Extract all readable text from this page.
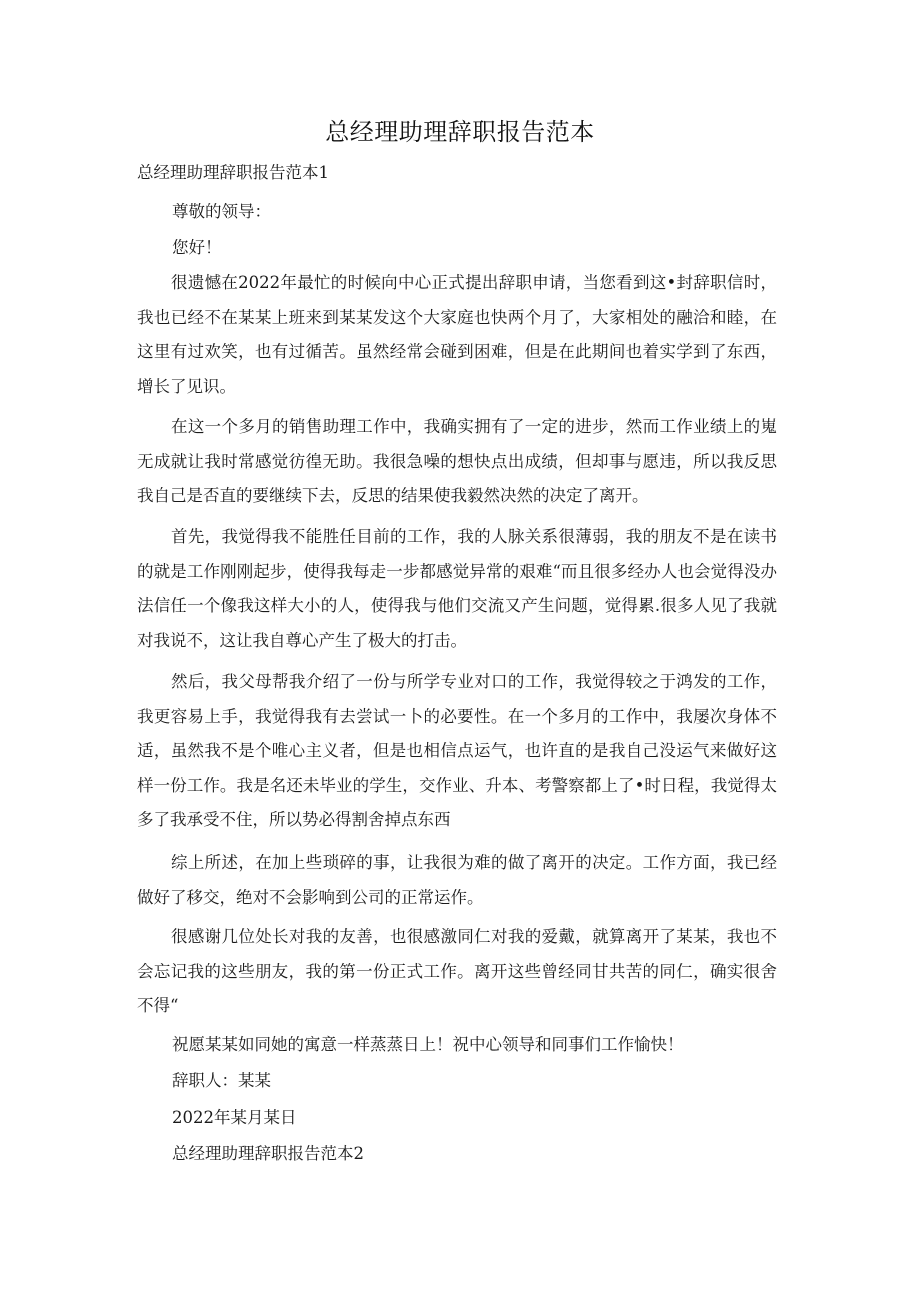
总经理助理辞职报告范本
总经理助理辞职报告范本1
尊敬的领导：
您好！

很遗憾在2022年最忙的时候向中心正式提出辞职申请，当您看到这•封辞职信时，我也已经不在某某上班来到某某发这个大家庭也快两个月了，大家相处的融洽和睦，在这里有过欢笑，也有过循苦。虽然经常会碰到困难，但是在此期间也着实学到了东西，增长了见识。

在这一个多月的销售助理工作中，我确实拥有了一定的进步，然而工作业绩上的嵬无成就让我时常感觉彷徨无助。我很急噪的想快点出成绩，但却事与愿违，所以我反思我自己是否直的要继续下去，反思的结果使我毅然决然的决定了离开。

首先，我觉得我不能胜任目前的工作，我的人脉关系很薄弱，我的朋友不是在读书的就是工作刚刚起步，使得我每走一步都感觉异常的艰难“而且很多经办人也会觉得没办法信任一个像我这样大小的人，使得我与他们交流又产生问题，觉得累.很多人见了我就对我说不，这让我自尊心产生了极大的打击。

然后，我父母帮我介绍了一份与所学专业对口的工作，我觉得较之于鸿发的工作，我更容易上手，我觉得我有去尝试一卜的必要性。在一个多月的工作中，我屡次身体不适，虽然我不是个唯心主义者，但是也相信点运气，也许直的是我自己没运气来做好这样一份工作。我是名还未毕业的学生，交作业、升本、考警察都上了•时日程，我觉得太多了我承受不住，所以势必得割舍掉点东西

综上所述，在加上些琐碎的事，让我很为难的做了离开的决定。工作方面，我已经做好了移交，绝对不会影响到公司的正常运作。

很感谢几位处长对我的友善，也很感激同仁对我的爱戴，就算离开了某某，我也不会忘记我的这些朋友，我的第一份正式工作。离开这些曾经同甘共苦的同仁，确实很舍不得“

祝愿某某如同她的寓意一样蒸蒸日上！祝中心领导和同事们工作愉快！
辞职人：某某
2022年某月某日
总经理助理辞职报告范本2
